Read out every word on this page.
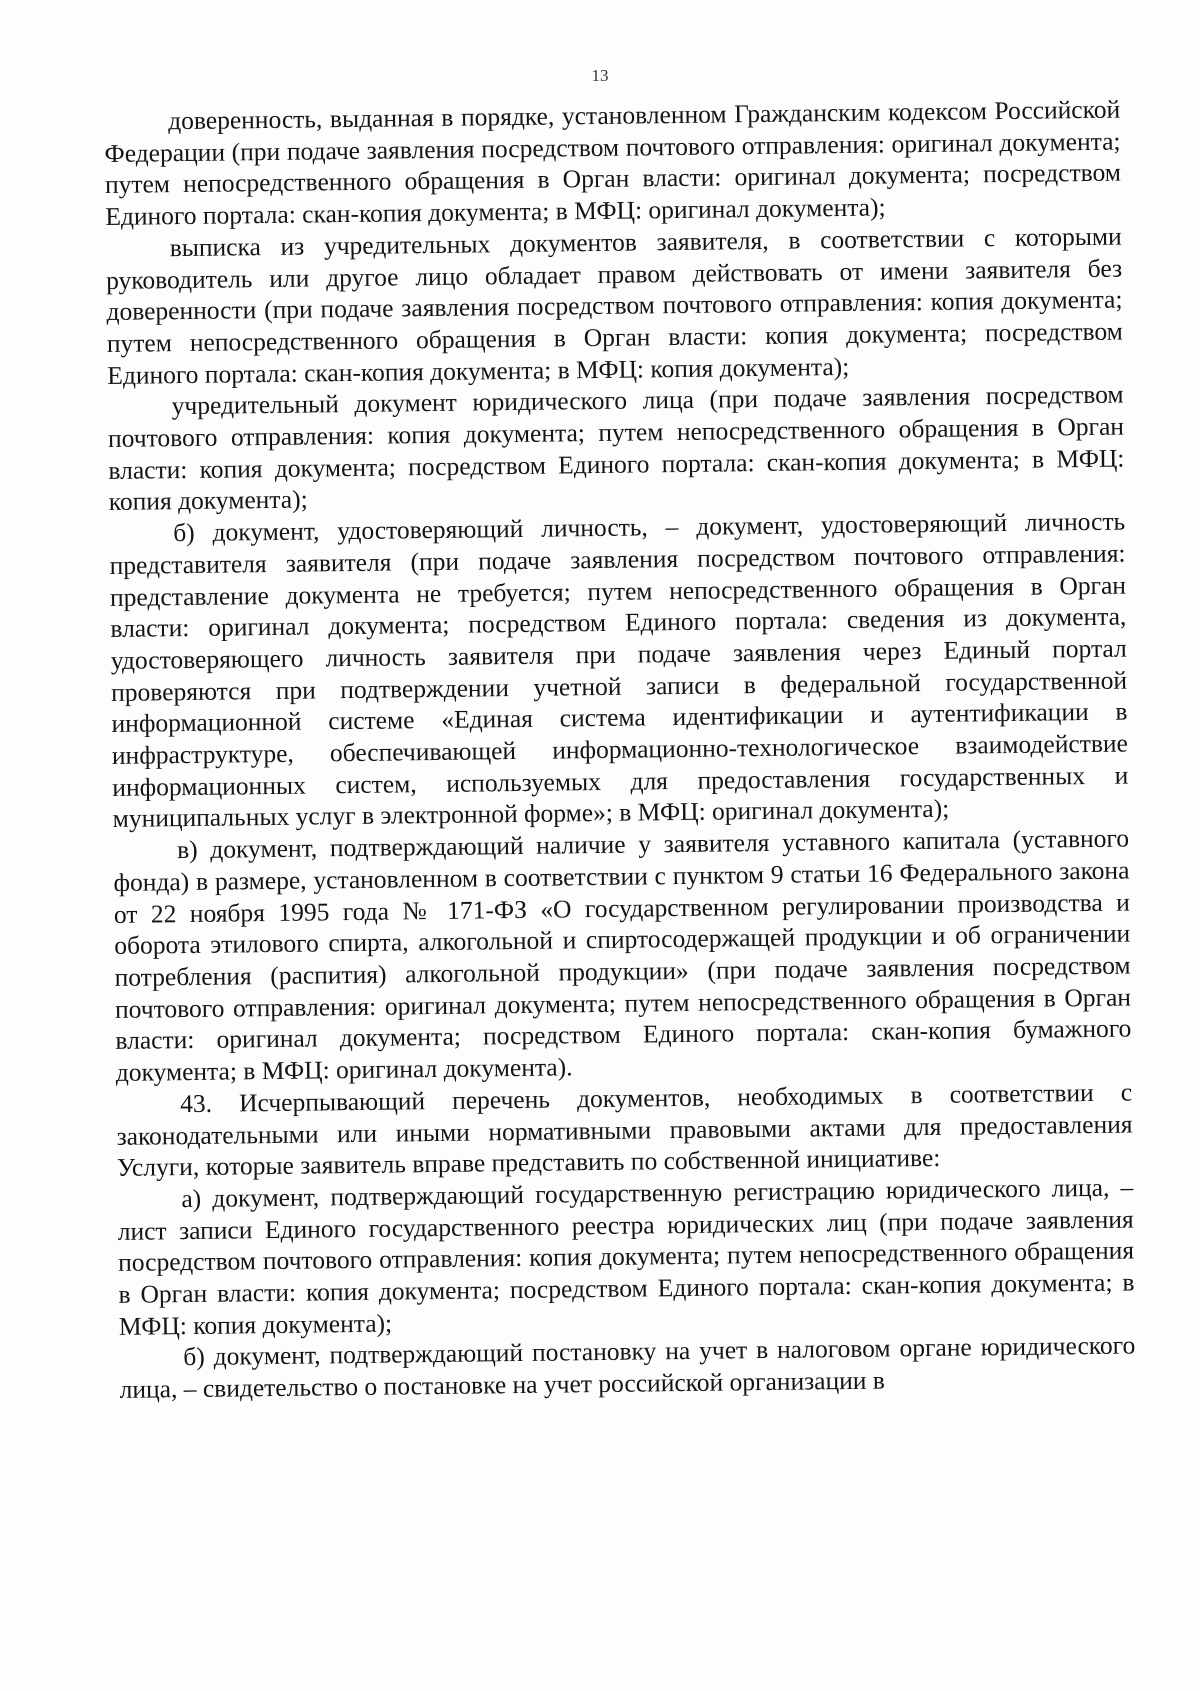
13

доверенность, выданная в порядке, установленном Гражданским кодексом Российской Федерации (при подаче заявления посредством почтового отправления: оригинал документа; путем непосредственного обращения в Орган власти: оригинал документа; посредством Единого портала: скан-копия документа; в МФЦ: оригинал документа);

выписка из учредительных документов заявителя, в соответствии с которыми руководитель или другое лицо обладает правом действовать от имени заявителя без доверенности (при подаче заявления посредством почтового отправления: копия документа; путем непосредственного обращения в Орган власти: копия документа; посредством Единого портала: скан-копия документа; в МФЦ: копия документа);

учредительный документ юридического лица (при подаче заявления посредством почтового отправления: копия документа; путем непосредственного обращения в Орган власти: копия документа; посредством Единого портала: скан-копия документа; в МФЦ: копия документа);

б) документ, удостоверяющий личность, – документ, удостоверяющий личность представителя заявителя (при подаче заявления посредством почтового отправления: представление документа не требуется; путем непосредственного обращения в Орган власти: оригинал документа; посредством Единого портала: сведения из документа, удостоверяющего личность заявителя при подаче заявления через Единый портал проверяются при подтверждении учетной записи в федеральной государственной информационной системе «Единая система идентификации и аутентификации в инфраструктуре, обеспечивающей информационно-технологическое взаимодействие информационных систем, используемых для предоставления государственных и муниципальных услуг в электронной форме»; в МФЦ: оригинал документа);

в) документ, подтверждающий наличие у заявителя уставного капитала (уставного фонда) в размере, установленном в соответствии с пунктом 9 статьи 16 Федерального закона от 22 ноября 1995 года № 171-ФЗ «О государственном регулировании производства и оборота этилового спирта, алкогольной и спиртосодержащей продукции и об ограничении потребления (распития) алкогольной продукции» (при подаче заявления посредством почтового отправления: оригинал документа; путем непосредственного обращения в Орган власти: оригинал документа; посредством Единого портала: скан-копия бумажного документа; в МФЦ: оригинал документа).

43. Исчерпывающий перечень документов, необходимых в соответствии с законодательными или иными нормативными правовыми актами для предоставления Услуги, которые заявитель вправе представить по собственной инициативе:

а) документ, подтверждающий государственную регистрацию юридического лица, – лист записи Единого государственного реестра юридических лиц (при подаче заявления посредством почтового отправления: копия документа; путем непосредственного обращения в Орган власти: копия документа; посредством Единого портала: скан-копия документа; в МФЦ: копия документа);

б) документ, подтверждающий постановку на учет в налоговом органе юридического лица, – свидетельство о постановке на учет российской организации в
